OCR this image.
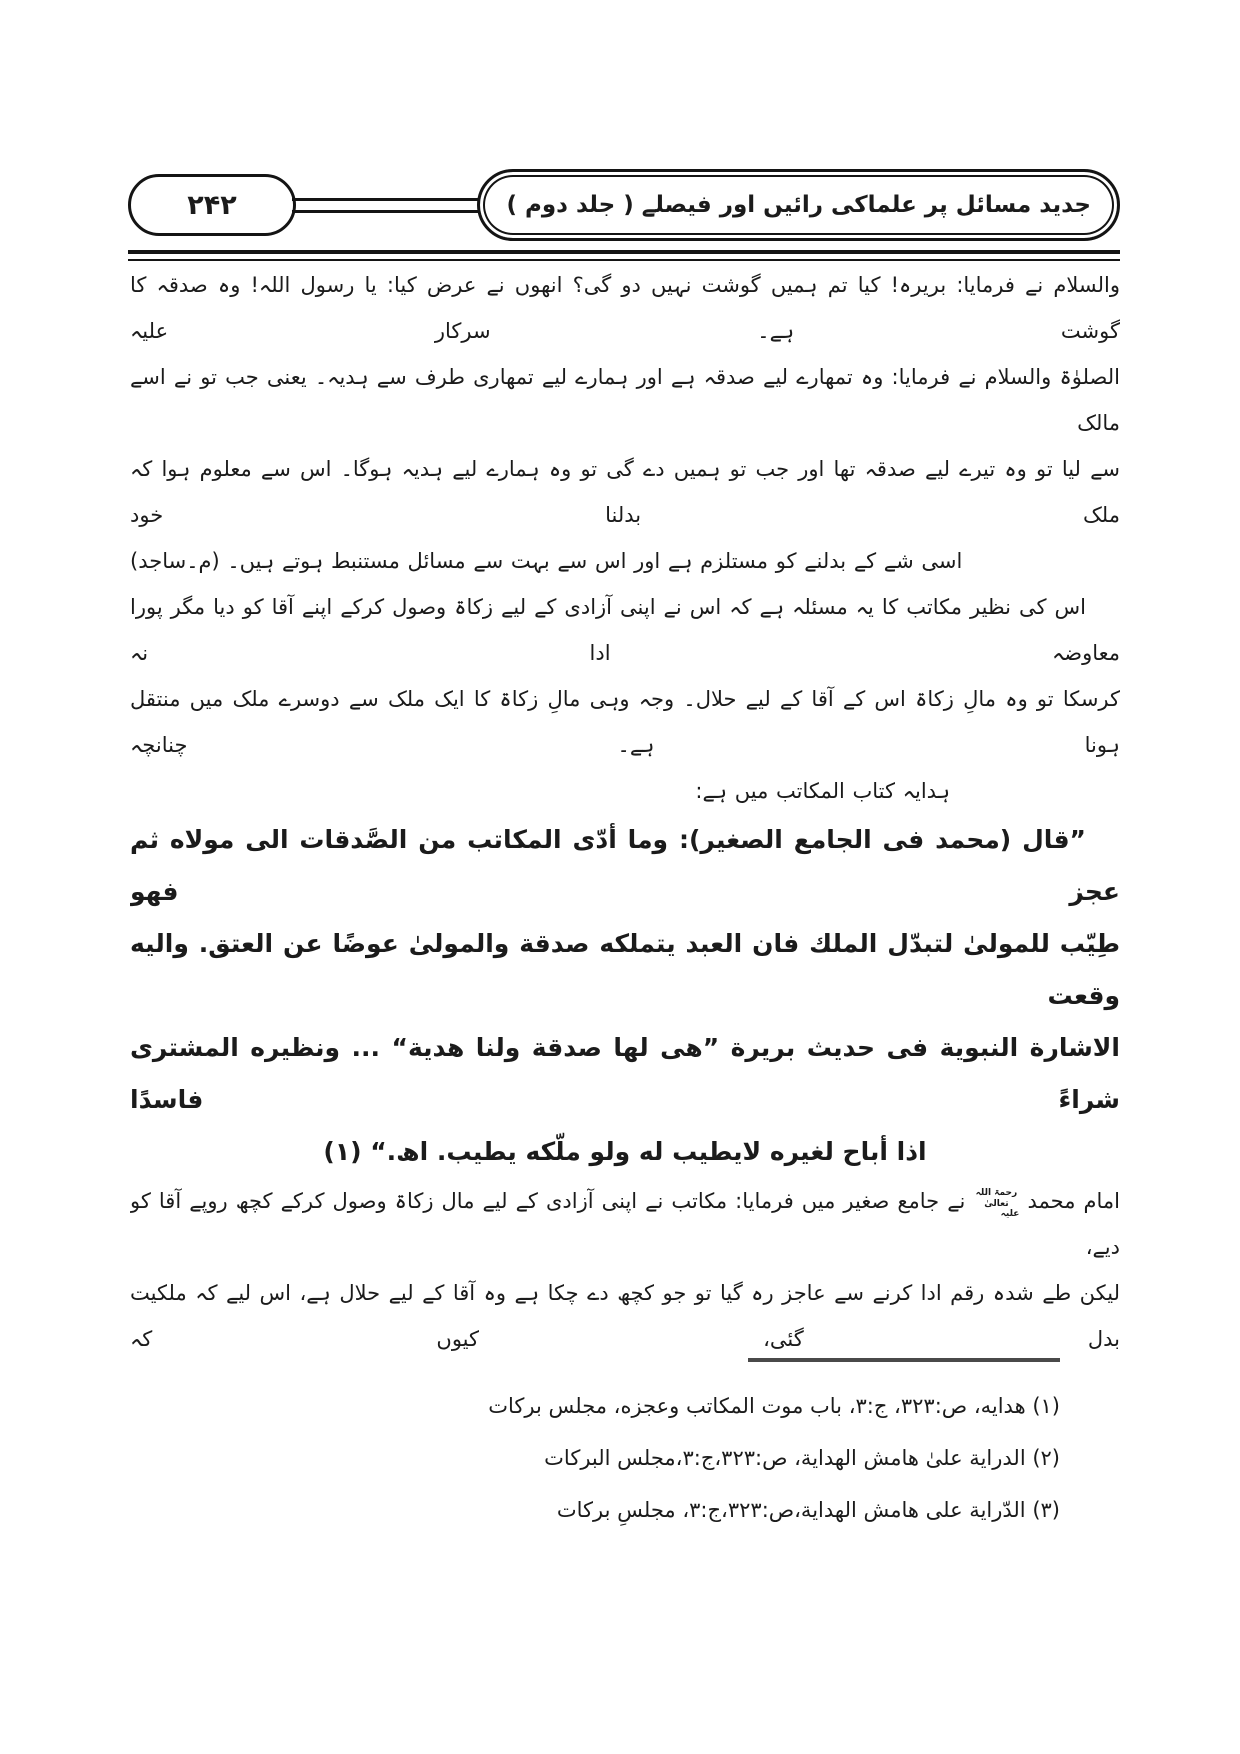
۲۴۲	جدید مسائل پر علماکی رائیں اور فیصلے ( جلد دوم )
والسلام نے فرمایا: بریرہ! کیا تم ہمیں گوشت نہیں دو گی؟ انھوں نے عرض کیا: یا رسول اللہ! وہ صدقہ کا گوشت ہے۔ سرکار علیہ
الصلوٰۃ والسلام نے فرمایا: وہ تمھارے لیے صدقہ ہے اور ہمارے لیے تمھاری طرف سے ہدیہ۔ یعنی جب تو نے اسے مالک
سے لیا تو وہ تیرے لیے صدقہ تھا اور جب تو ہمیں دے گی تو وہ ہمارے لیے ہدیہ ہوگا۔ اس سے معلوم ہوا کہ ملک بدلنا خود
اسی شے کے بدلنے کو مستلزم ہے اور اس سے بہت سے مسائل مستنبط ہوتے ہیں۔ (م۔ساجد)
اس کی نظیر مکاتب کا یہ مسئلہ ہے کہ اس نے اپنی آزادی کے لیے زکاۃ وصول کرکے اپنے آقا کو دیا مگر پورا معاوضہ ادا نہ
کرسکا تو وہ مالِ زکاۃ اس کے آقا کے لیے حلال۔ وجہ وہی مالِ زکاۃ کا ایک ملک سے دوسرے ملک میں منتقل ہونا ہے۔ چنانچہ
ہدایہ کتاب المکاتب میں ہے:
”قال (محمد فی الجامع الصغیر): وما أدّی المکاتب من الصَّدقات الی مولاه ثم عجز فهو
طِیّب للمولیٰ لتبدّل الملك فان العبد یتملکه صدقة والمولیٰ عوضًا عن العتق. والیه وقعت
الاشارة النبویة فی حدیث بریرة ”هی لها صدقة ولنا هدیة“ ... ونظیره المشتری شراءً فاسدًا
اذا أباح لغیره لایطیب له ولو ملّکه یطیب. اھ.“ (۱)
امام محمد رحمۃ اللہ تعالیٰ علیہ نے جامع صغیر میں فرمایا: مکاتب نے اپنی آزادی کے لیے مال زکاۃ وصول کرکے کچھ روپے آقا کو دیے،
لیکن طے شدہ رقم ادا کرنے سے عاجز رہ گیا تو جو کچھ دے چکا ہے وہ آقا کے لیے حلال ہے، اس لیے کہ ملکیت بدل گئی، کیوں کہ
(۱) هدایه، ص:۳۲۳، ج:۳، باب موت المکاتب وعجزه، مجلس برکات
(۲) الدرایة علیٰ هامش الهدایة، ص:۳۲۳،ج:۳،مجلس البرکات
(۳) الدّرایة علی هامش الهدایة،ص:۳۲۳،ج:۳، مجلسِ برکات
